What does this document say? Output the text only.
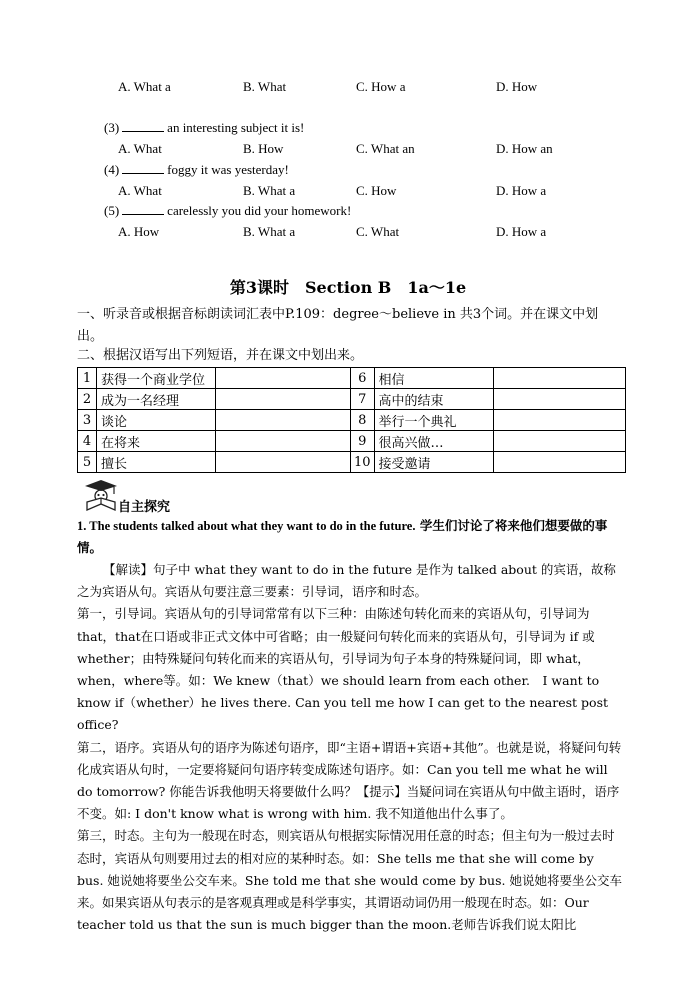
A. What a	B. What	C. How a	D. How
(3)	an interesting subject it is!
A. What	B. How	C. What an	D. How an
(4)	foggy it was yesterday!
A. What	B. What a	C. How	D. How a
(5)	carelessly you did your homework!
A. How	B. What a	C. What	D. How a
第3课时　Section B　1a～1e
一、听录音或根据音标朗读词汇表中P.109：degree～believe in 共3个词。并在课文中划出。
二、根据汉语写出下列短语，并在课文中划出来。
1	获得一个商业学位		6	相信	
2	成为一名经理		7	高中的结束	
3	谈论		8	举行一个典礼	
4	在将来		9	很高兴做…	
5	擅长		10	接受邀请	
自主探究
1. The students talked about what they want to do in the future. 学生们讨论了将来他们想要做的事情。

【解读】句子中 what they want to do in the future 是作为 talked about 的宾语，故称之为宾语从句。宾语从句要注意三要素：引导词，语序和时态。

第一，引导词。宾语从句的引导词常常有以下三种：由陈述句转化而来的宾语从句，引导词为 that，that在口语或非正式文体中可省略；由一般疑问句转化而来的宾语从句，引导词为 if 或 whether；由特殊疑问句转化而来的宾语从句，引导词为句子本身的特殊疑问词，即 what，when，where等。如：We knew（that）we should learn from each other.　I want to know if（whether）he lives there. Can you tell me how I can get to the nearest post office?

第二，语序。宾语从句的语序为陈述句语序，即“主语+谓语+宾语+其他”。也就是说，将疑问句转化成宾语从句时，一定要将疑问句语序转变成陈述句语序。如：Can you tell me what he will do tomorrow? 你能告诉我他明天将要做什么吗？【提示】当疑问词在宾语从句中做主语时，语序不变。如: I don't know what is wrong with him. 我不知道他出什么事了。

第三，时态。主句为一般现在时态，则宾语从句根据实际情况用任意的时态；但主句为一般过去时态时，宾语从句则要用过去的相对应的某种时态。如：She tells me that she will come by bus. 她说她将要坐公交车来。She told me that she would come by bus. 她说她将要坐公交车来。如果宾语从句表示的是客观真理或是科学事实，其谓语动词仍用一般现在时态。如：Our teacher told us that the sun is much bigger than the moon.老师告诉我们说太阳比
